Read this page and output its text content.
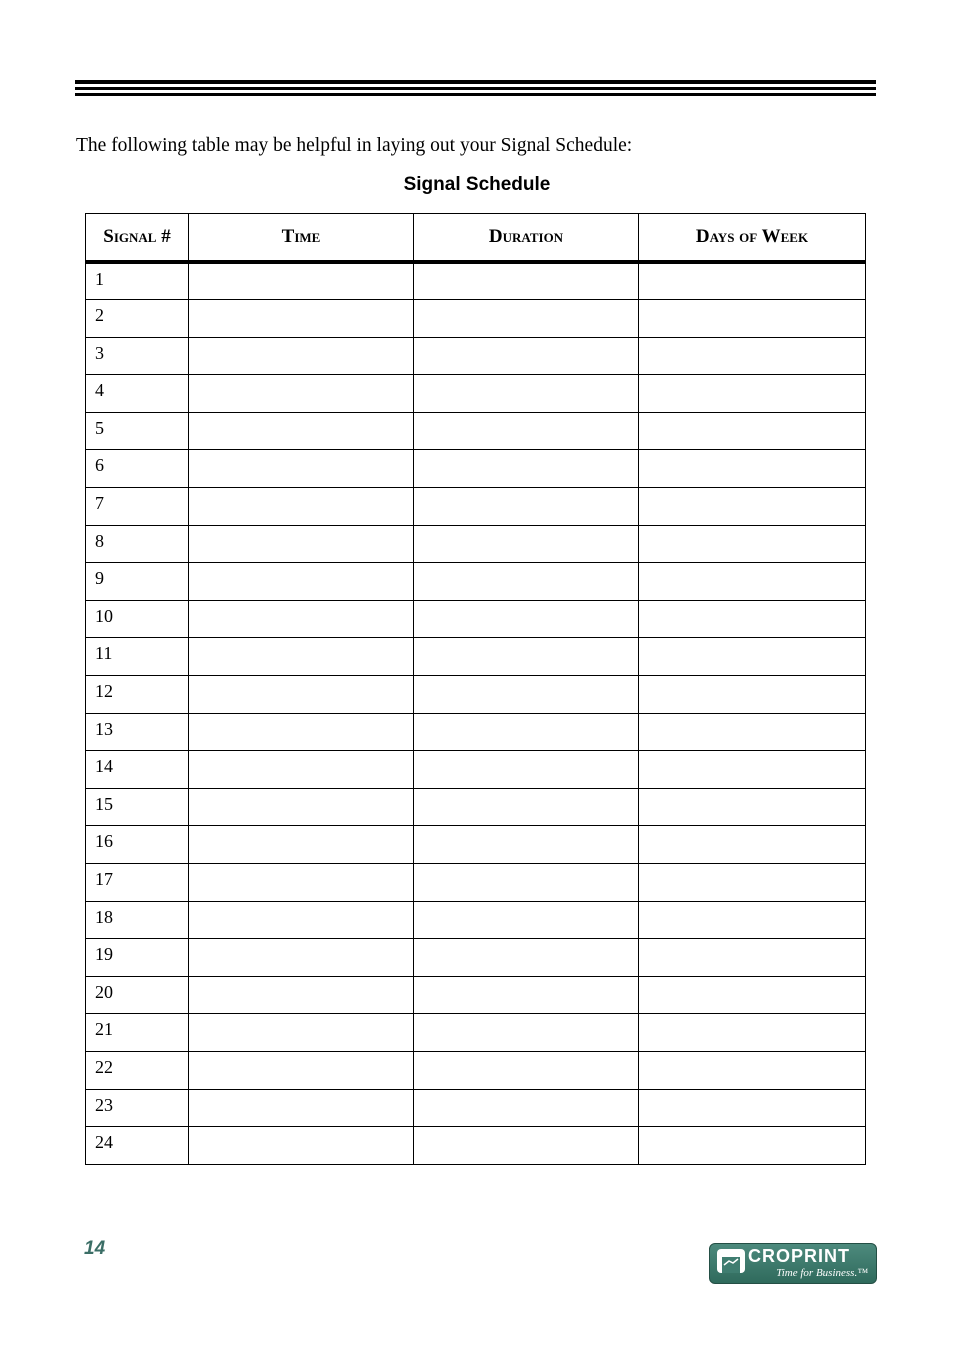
The following table may be helpful in laying out your Signal Schedule:

Signal Schedule

Signal #	Time	Duration	Days of Week
1			
2			
3			
4			
5			
6			
7			
8			
9			
10			
11			
12			
13			
14			
15			
16			
17			
18			
19			
20			
21			
22			
23			
24			
14	CROPRINT
Time for Business.™
